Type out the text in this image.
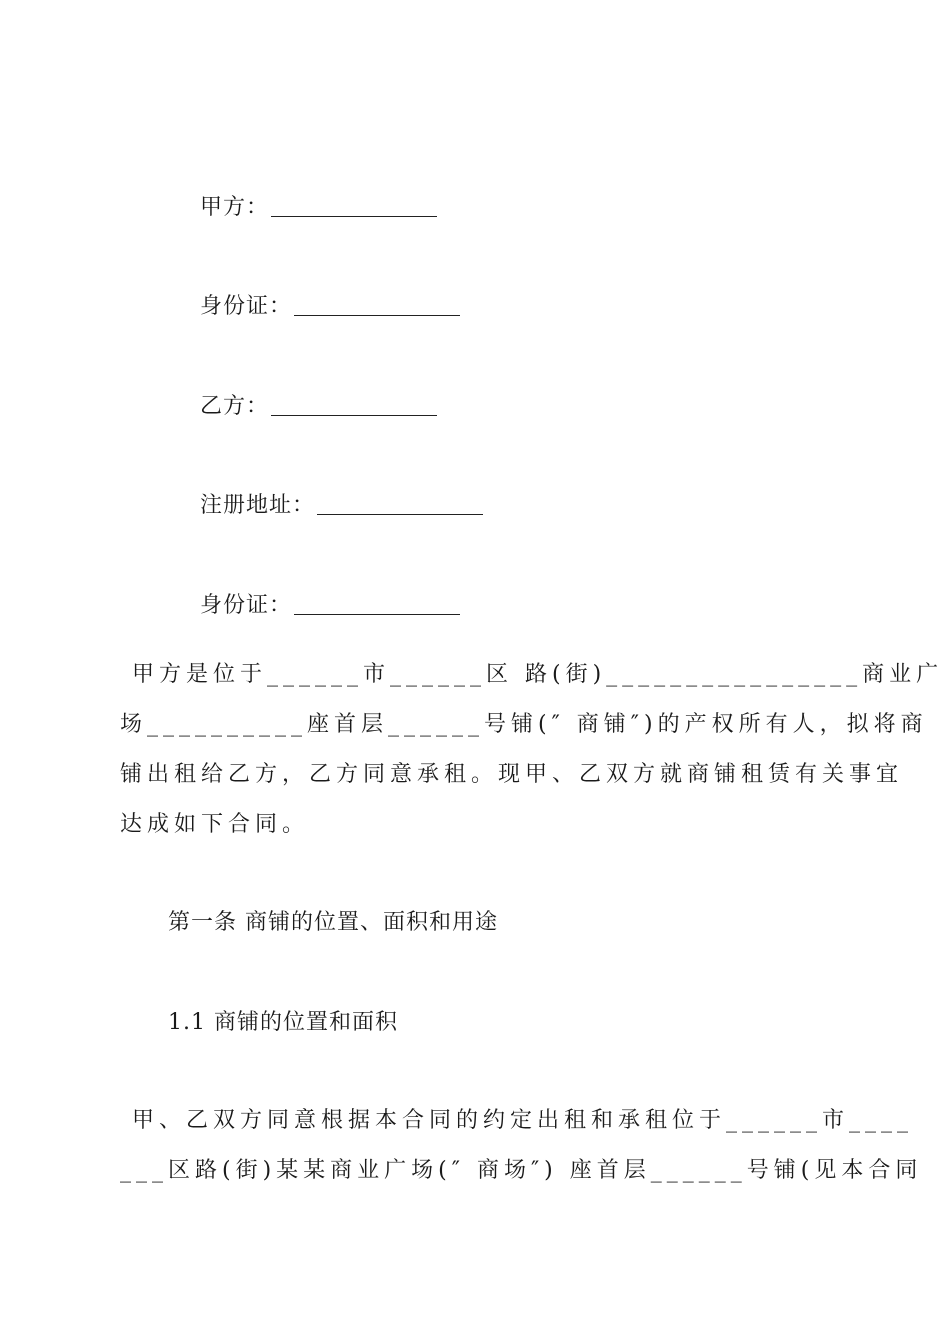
甲方：

身份证：

乙方：

注册地址：

身份证：

甲方是位于______市______区 路(街)________________商业广
场__________座首层______号铺(″ 商铺″)的产权所有人，拟将商
铺出租给乙方，乙方同意承租。现甲、乙双方就商铺租赁有关事宜
达成如下合同。
第一条 商铺的位置、面积和用途
1.1 商铺的位置和面积
甲、乙双方同意根据本合同的约定出租和承租位于______市____
___区路(街)某某商业广场(″ 商场″) 座首层______号铺(见本合同
